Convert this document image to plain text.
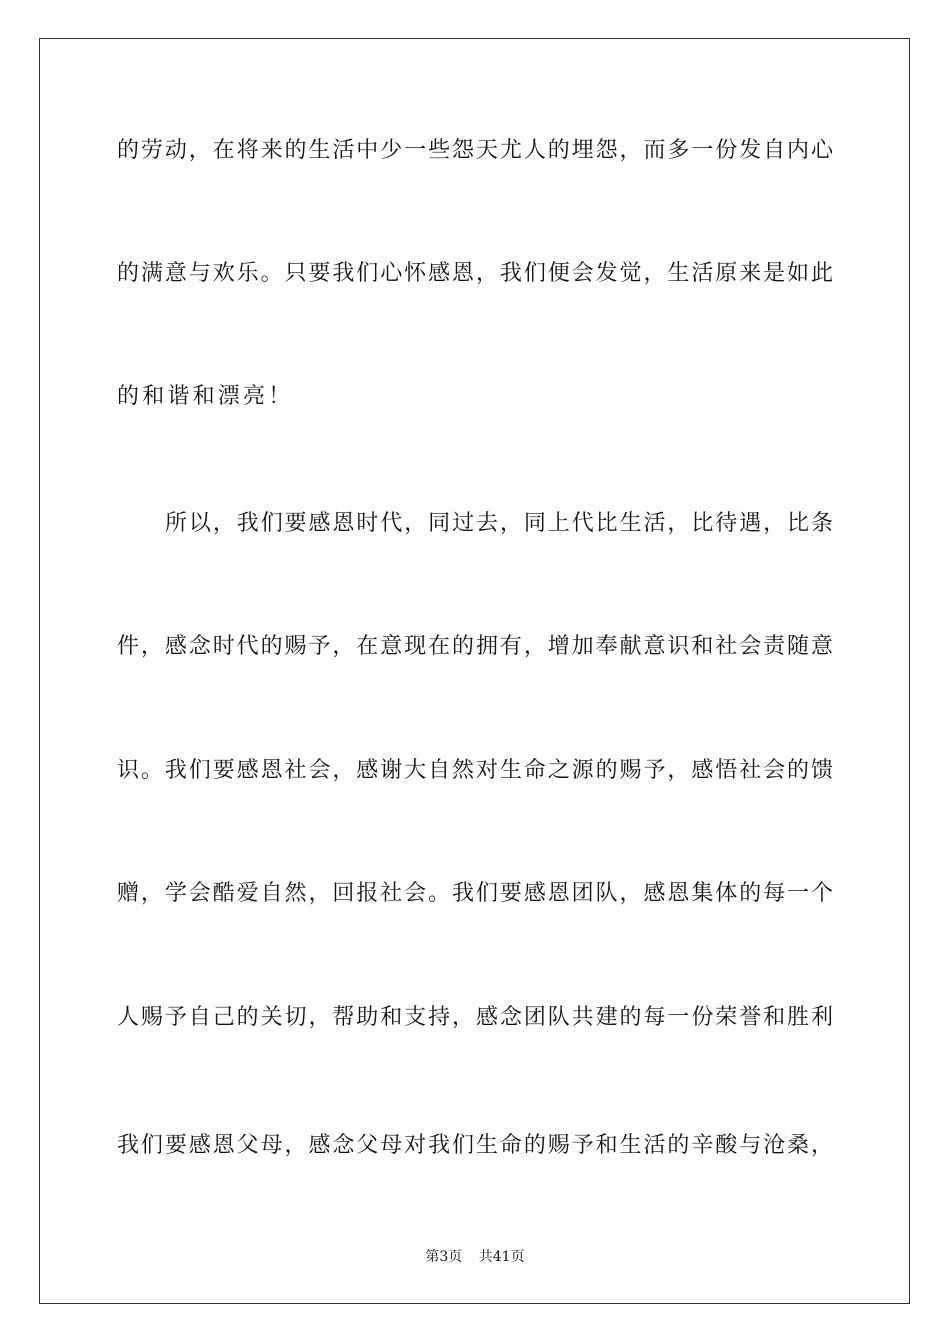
的劳动，在将来的生活中少一些怨天尤人的埋怨，而多一份发自内心
的满意与欢乐。只要我们心怀感恩，我们便会发觉，生活原来是如此
的和谐和漂亮！
所以，我们要感恩时代，同过去，同上代比生活，比待遇，比条
件，感念时代的赐予，在意现在的拥有，增加奉献意识和社会责随意
识。我们要感恩社会，感谢大自然对生命之源的赐予，感悟社会的馈
赠，学会酷爱自然，回报社会。我们要感恩团队，感恩集体的每一个
人赐予自己的关切，帮助和支持，感念团队共建的每一份荣誉和胜利
我们要感恩父母，感念父母对我们生命的赐予和生活的辛酸与沧桑，
第3页 共41页
